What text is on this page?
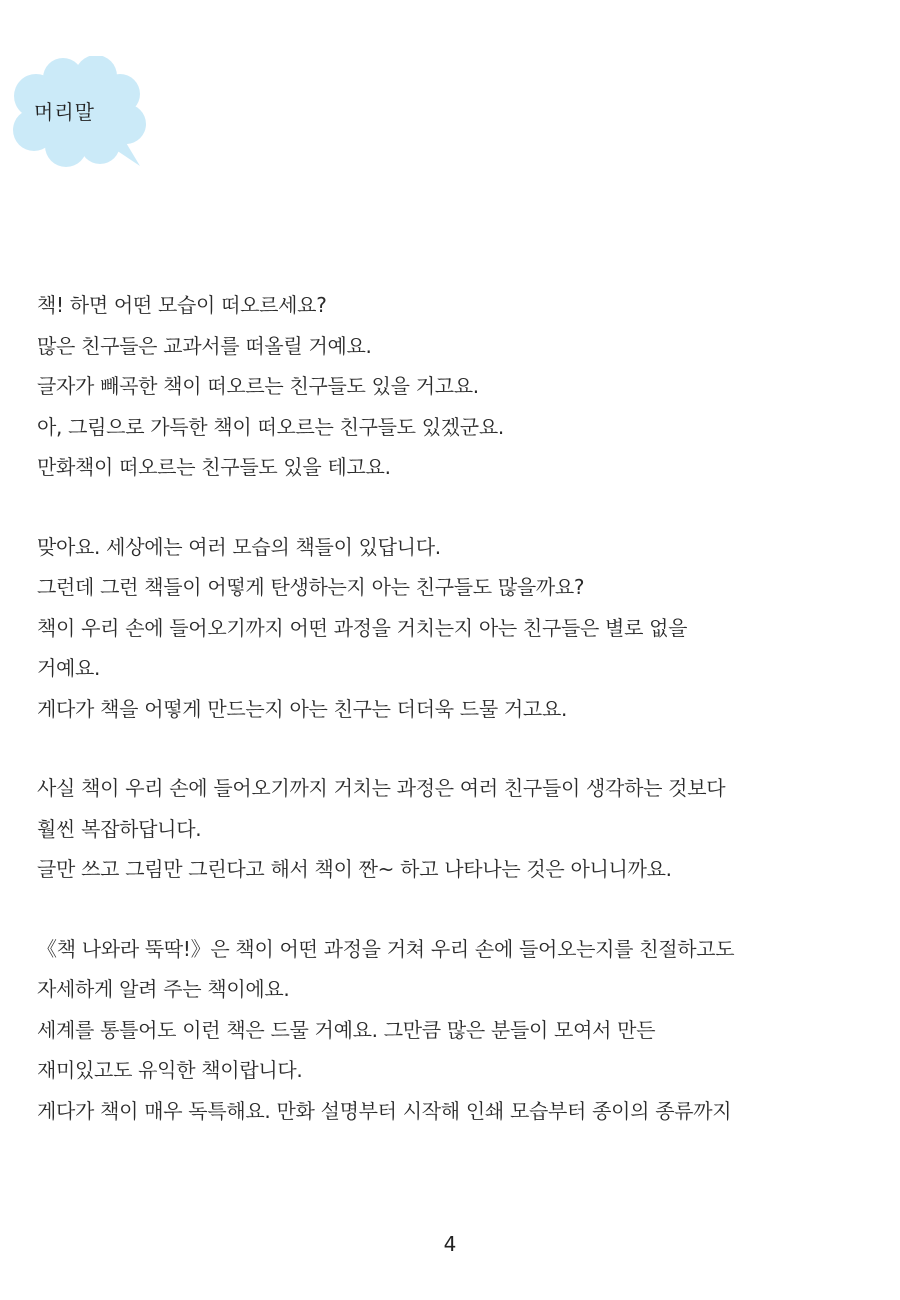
머리말
책! 하면 어떤 모습이 떠오르세요?
많은 친구들은 교과서를 떠올릴 거예요.
글자가 빼곡한 책이 떠오르는 친구들도 있을 거고요.
아, 그림으로 가득한 책이 떠오르는 친구들도 있겠군요.
만화책이 떠오르는 친구들도 있을 테고요.
맞아요. 세상에는 여러 모습의 책들이 있답니다.
그런데 그런 책들이 어떻게 탄생하는지 아는 친구들도 많을까요?
책이 우리 손에 들어오기까지 어떤 과정을 거치는지 아는 친구들은 별로 없을
거예요.
게다가 책을 어떻게 만드는지 아는 친구는 더더욱 드물 거고요.
사실 책이 우리 손에 들어오기까지 거치는 과정은 여러 친구들이 생각하는 것보다
훨씬 복잡하답니다.
글만 쓰고 그림만 그린다고 해서 책이 짠~ 하고 나타나는 것은 아니니까요.
《책 나와라 뚝딱!》은 책이 어떤 과정을 거쳐 우리 손에 들어오는지를 친절하고도
자세하게 알려 주는 책이에요.
세계를 통틀어도 이런 책은 드물 거예요. 그만큼 많은 분들이 모여서 만든
재미있고도 유익한 책이랍니다.
게다가 책이 매우 독특해요. 만화 설명부터 시작해 인쇄 모습부터 종이의 종류까지
4
